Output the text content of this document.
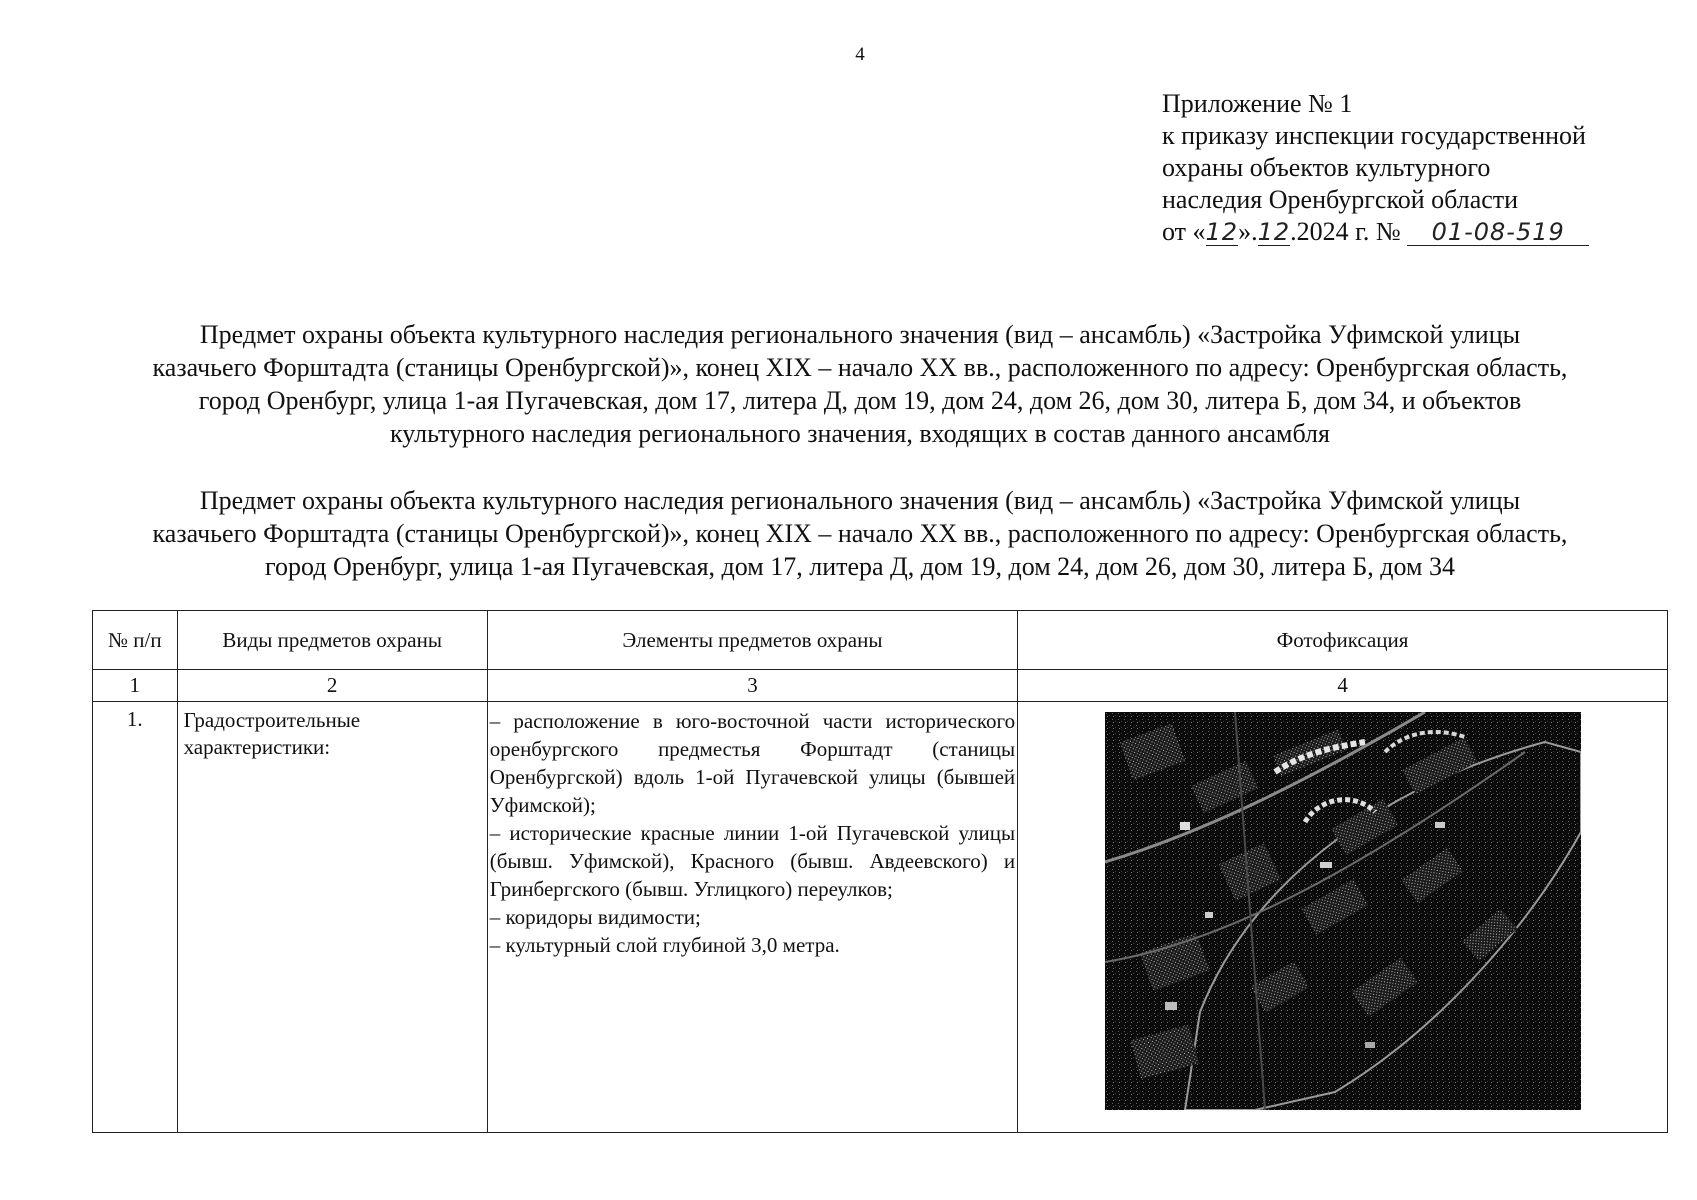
4
Приложение № 1
к приказу инспекции государственной
охраны объектов культурного
наследия Оренбургской области
от «12».12.2024 г. № 01-08-519
Предмет охраны объекта культурного наследия регионального значения (вид – ансамбль) «Застройка Уфимской улицы
казачьего Форштадта (станицы Оренбургской)», конец XIX – начало XX вв., расположенного по адресу: Оренбургская область,
город Оренбург, улица 1-ая Пугачевская, дом 17, литера Д, дом 19, дом 24, дом 26, дом 30, литера Б, дом 34, и объектов
культурного наследия регионального значения, входящих в состав данного ансамбля
Предмет охраны объекта культурного наследия регионального значения (вид – ансамбль) «Застройка Уфимской улицы
казачьего Форштадта (станицы Оренбургской)», конец XIX – начало XX вв., расположенного по адресу: Оренбургская область,
город Оренбург, улица 1-ая Пугачевская, дом 17, литера Д, дом 19, дом 24, дом 26, дом 30, литера Б, дом 34
№ п/п	Виды предметов охраны	Элементы предметов охраны	Фотофиксация
1	2	3	4
1.	Градостроительные характеристики:	– расположение в юго-восточной части исторического оренбургского предместья Форштадт (станицы Оренбургской) вдоль 1-ой Пугачевской улицы (бывшей Уфимской);
– исторические красные линии 1-ой Пугачевской улицы (бывш. Уфимской), Красного (бывш. Авдеевского) и Гринбергского (бывш. Углицкого) переулков;
– коридоры видимости;
– культурный слой глубиной 3,0 метра.
